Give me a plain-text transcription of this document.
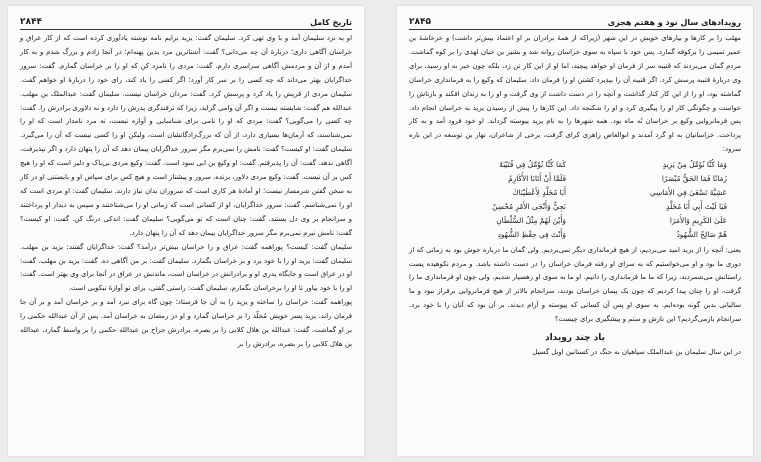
تاریخ کامل
۲۸۴۴

او به نزد سلیمان آمد و با وی تهی کرد. سلیمان گفت: یزید برایم نامه نوشته یادآوری کرده است که از کار عراق و خراسان آگاهی داری؛ دربارهٔ آن چه می‌دانی؟ گفت: آشناترین مرد بدین پهنه‌ام؛ در آنجا زادم و بزرگ شدم و به کار آمدم و از آن و مردمش آگاهی سراسری دارم. گفت: مردی را نامزد کن که او را بر خراسان گمارم. گفت: سرور خداگرایان بهتر می‌داند که چه کسی را بر سر کار آورد؛ اگر کسی را یاد کند، رای خود را دربارهٔ او خواهم گفت. سلیمان مردی از قریش را یاد کرد و پرسش کرد. گفت: مردان خراسان نیست. سلیمان گفت: عبدالملک بن مهلب. عبدالله هم گفت: شایسته نیست و اگر آن وامی گزاید، زیرا که ترفندگری پدرش را دارد و نه دلاوری برادرش را. گفت: چه کسی را می‌گویی؟ گفت: مردی که او را نامی برای شناسایی و آوازه نیست، نه مرد نامدار است که او را نمی‌شناسند، که آرمان‌ها بسیاری دارد، از آن که بزرگ‌زادگانشان است، ولیکن او را کسی نیست که آن را می‌گیرد. سلیمان گفت: او کیست؟ گفت: نامش را نمی‌برم مگر سرور خداگرایان پیمان دهد که آن را پنهان دارد و اگر نپذیرفت، آگاهی ندهد. گفت: آن را پذیرفتم. گفت: او وکیع بن ابی سود است. گفت: وکیع مردی بی‌باک و دلیر است که او را هیچ کس بر آن نیست. گفت: وکیع مردی دلاور، بزنده، سرور و پیشتاز است و هیچ کس برای سپاس او و بایستنی او در کار به سخن گفتن شرمسار نیست؛ او آمادهٔ هر کاری است که سروران بدان نیاز دارند. سلیمان گفت: او مردی است که او را نمی‌شناسم. گفت: سرور خداگرایان، او از کسانی است که زمانی او را می‌شناختند و سپس به دیدار او پرداختند و سرانجام بر وی دل بستند. گفت: چنان است که تو می‌گویی؟ سلیمان گفت: اندکی درنگ کن. گفت: او کیست؟ گفت: نامش نیرم نمی‌برم مگر سرور خداگرایان پیمان دهد که آن را پنهان دارد.

سلیمان گفت: کیست؟ پوراهمه گفت: عراق و را خراسان بیش‌تر درآمد؟ گفت: خداگرایان گفتند: یزید بن مهلب. سلیمان گفت: یزید او را با خود برد و بر خراسان بگمارد. سلیمان گفت: بر من آگاهی ده. گفت: یزید بن مهلب. گفت: او در عراق است و جایگاه پدری او و برادرانش در خراسان است، ماندنش در عراق در آنجا برای وی بهتر است. گفت: او را با خود بیاور تا او را برخراسان بگمارم. سلیمان گفت: راستی گفتی، برای تو آوازهٔ نیکویی است.

پوراهمه گفت: خراسان را ساخته و یزید را به آن جا فرستاد؛ چون گاه برای نبرد آمد و بر خراسان آمد و بر آن جا فرمان راند. یزید پسر خویش مُخلّد را بر خراسان گمارد و او در رمضان به خراسان آمد. پس از آن عبدالله حکمی را بر او گماشت. گفت: عبدالله بن هلال کلابی را بر بصره، برادرش جراح بن عبدالله حکمی را بر واسط گمارد، عبدالله بن هلال کلابی را بر بصره، برادرش را بر

رویدادهای سال نود و هفتم هجری
۲۸۴۵

مهلب را بر کارها و بیارهای خویش در این شهر (زیراکه از همهٔ برادران بر او اعتماد بیش‌تر داشت) و خرخاشهٔ بن عمیر تمیمی را برکوفه گمارد. پس خود با سپاه به سوی خراسان روانه شد و بشیر بن حیان لهذی را بر کوه گماشت. مردم گمان می‌بردند که قتیبه سر از فرمان او خواهد پیچید، اما او از این کار تن زد، بلکه چون خبر به او رسید، برای وی دربارهٔ قتیبه پرسش کرد. اگر قتیبه آن را بپذیرد کشتن او را فرمان داد. سلیمان که وکیع را به فرمانداری خراسان گماشته بود، او را از این کار کنار گذاشت و آنچه را در دست داشت از وی گرفت و او را به زندان افکند و بازتاش را خواست و چگونگی کار او را پیگیری کرد و او را شکنجه داد. این کارها را پیش از رسیدن یزید به خراسان انجام داد. پس فرمانروایی وکیع بر خراسان نُه ماه بود. همه شهرها را به نام یزید پیوسته گرداند. او خود فرود آمد و به کار پرداخت. خراسانیان به او گرد آمدند و ابوالعاص زاهری کرای گرفت، برخی از شاعران، نهار بن توسعه در این باره سرود:

وَمَا كُنَّا نُؤَمِّلُ مِنْ يَزِيدٍ
كَمَا كُنَّا نُؤَمِّلُ فِي قُتَيْبَهْ
زَمَانًا فَمَا الحَقُّ مُبْصَرًا
فَلَمَّا أَنْ أَتَانَا الأُكَارِمُ
عَشِيَّةَ تَسْعَىٰ فِي الأَمَاسِي
أَبَا مُخَلَّدٍ لِأَعْطَيْنَاكَ
فَيَا لَيْتَ أَبِي أَبَا مُخَلَّدٍ
نَجِيٌّ وَأَنْجَى الأَمْرِ مُحْسِنٌ
عَلَىٰ الكَرِيمِ وَالأُمَرَا
وَأَيْنَ لَهُمْ مِثْلُ السُّلْطَانِ
هُمْ صَالِحٌ الشُّهُودُ
وَأَنْتَ فِي حِفْظِ الشُّهُودِ

یعنی: آنچه را از یزید امید می‌بردیم، از هیچ فرمانداری دیگر نمی‌بردیم. ولی گمان ما درباره خوش بود به زمانی که از دوری ما بود و او می‌خواستیم که به سرای او رفته فرمان خراسان را در دست داشته باشد. و مردم نکوهیده پست راستانش می‌شمردند، زیرا که ما ما فرمانداری را دانیم. او ما به سوی او رهسپار شدیم. ولی چون او فرمانداری ما را گرفت، او را چنان پیدا کردیم که چون یک پیمان خراسان بودند، سرانجام بالاتر از هیچ فرمانروایی برفراز نبود و ما سالیانی بدین گونه بوده‌ایم. به سوی او پس آن کسانی که پیوسته و آرام دیدند، بر آن بود که آنان را با خود برد. سرانجام بازمی‌گردیم؟ این نازش و ستم و پیشگیری برای چیست؟

یاد چند رویداد

در این سال سلیمان بن عبدالملک سپاهیان به جنگ در کستانین اوبل گسیل
